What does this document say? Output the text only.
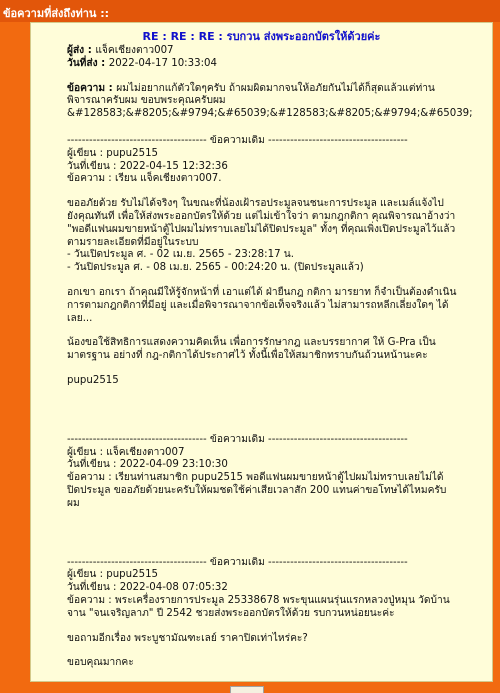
ข้อความที่ส่งถึงท่าน ::
RE : RE : RE : รบกวน ส่งพระออกบัตรให้ด้วยค่ะ
ผู้ส่ง : แจ็คเชียงตาว007
วันที่ส่ง : 2022-04-17 10:33:04
ข้อความ : ผมไม่อยากแก้ตัวใดๆครับ ถ้าผมผิดมากจนให้อภัยกันไม่ได้ก็สุดแล้วแต่ท่าน
พิจารณาครับผม ขอบพระคุณครับผม
&#128583;&#8205;&#9794;&#65039;&#128583;&#8205;&#9794;&#65039;
-------------------------------------- ข้อความเดิม --------------------------------------
ผู้เขียน : pupu2515
วันที่เขียน : 2022-04-15 12:32:36
ข้อความ : เรียน แจ็คเชียงตาว007.
ขออภัยด้วย รับไม่ได้จริงๆ ในขณะที่น้องเฝ้ารอประมูลจนชนะการประมูล และเมล์แจ้งไป
ยังคุณทันที เพื่อให้ส่งพระออกบัตรให้ด้วย แต่ไม่เข้าใจว่า ตามกฎกติกา คุณพิจารณาอ้างว่า
"พอดีแฟนผมขายหน้าตู้ไปผมไม่ทราบเลยไม่ได้ปิดประมูล" ทั้งๆ ที่คุณเพิ่งเปิดประมูลไว้แล้ว
ตามรายละเอียดที่มีอยู่ในระบบ
- วันเปิดประมูล ศ. - 02 เม.ย. 2565 - 23:28:17 น.
- วันปิดประมูล ศ. - 08 เม.ย. 2565 - 00:24:20 น. (ปิดประมูลแล้ว)
อกเขา อกเรา ถ้าคุณมีให้รู้จักหน้าที่ เอาแต่ได้ ฝ่ายืนกฎ กติกา มารยาท ก็จำเป็นต้องดำเนิน
การตามกฎกติกาที่มีอยู่ และเมื่อพิจารณาจากข้อเท็จจริงแล้ว ไม่สามารถหลีกเลี่ยงใดๆ ได้
เลย...
น้องขอใช้สิทธิการแสดงความคิดเห็น เพื่อการรักษากฎ และบรรยากาศ ให้ G-Pra เป็น
มาตรฐาน อย่างที่ กฎ-กติกาได้ประกาศไว้ ทั้งนี้เพื่อให้สมาชิกทราบกันถ้วนหน้านะคะ
pupu2515
-------------------------------------- ข้อความเดิม --------------------------------------
ผู้เขียน : แจ็คเชียงตาว007
วันที่เขียน : 2022-04-09 23:10:30
ข้อความ : เรียนท่านสมาชิก pupu2515 พอดีแฟนผมขายหน้าตู้ไปผมไม่ทราบเลยไม่ได้
ปิดประมูล ขออภัยด้วยนะครับให้ผมชดใช้ค่าเสียเวลาสัก 200 แทนค่าขอโทษได้ไหมครับ
ผม
-------------------------------------- ข้อความเดิม --------------------------------------
ผู้เขียน : pupu2515
วันที่เขียน : 2022-04-08 07:05:32
ข้อความ : พระเครื่องรายการประมูล 25338678 พระขุนแผนรุ่นแรกหลวงปู่หมุน วัดบ้าน
จาน "จนเจริญลาภ" ปี 2542 ชวยส่งพระออกบัตรให้ด้วย รบกวนหน่อยนะค่ะ
ขอถามอีกเรื่อง พระบูชามัณฑะเลย์ ราคาปิดเท่าไหร่คะ?
ขอบคุณมากคะ
